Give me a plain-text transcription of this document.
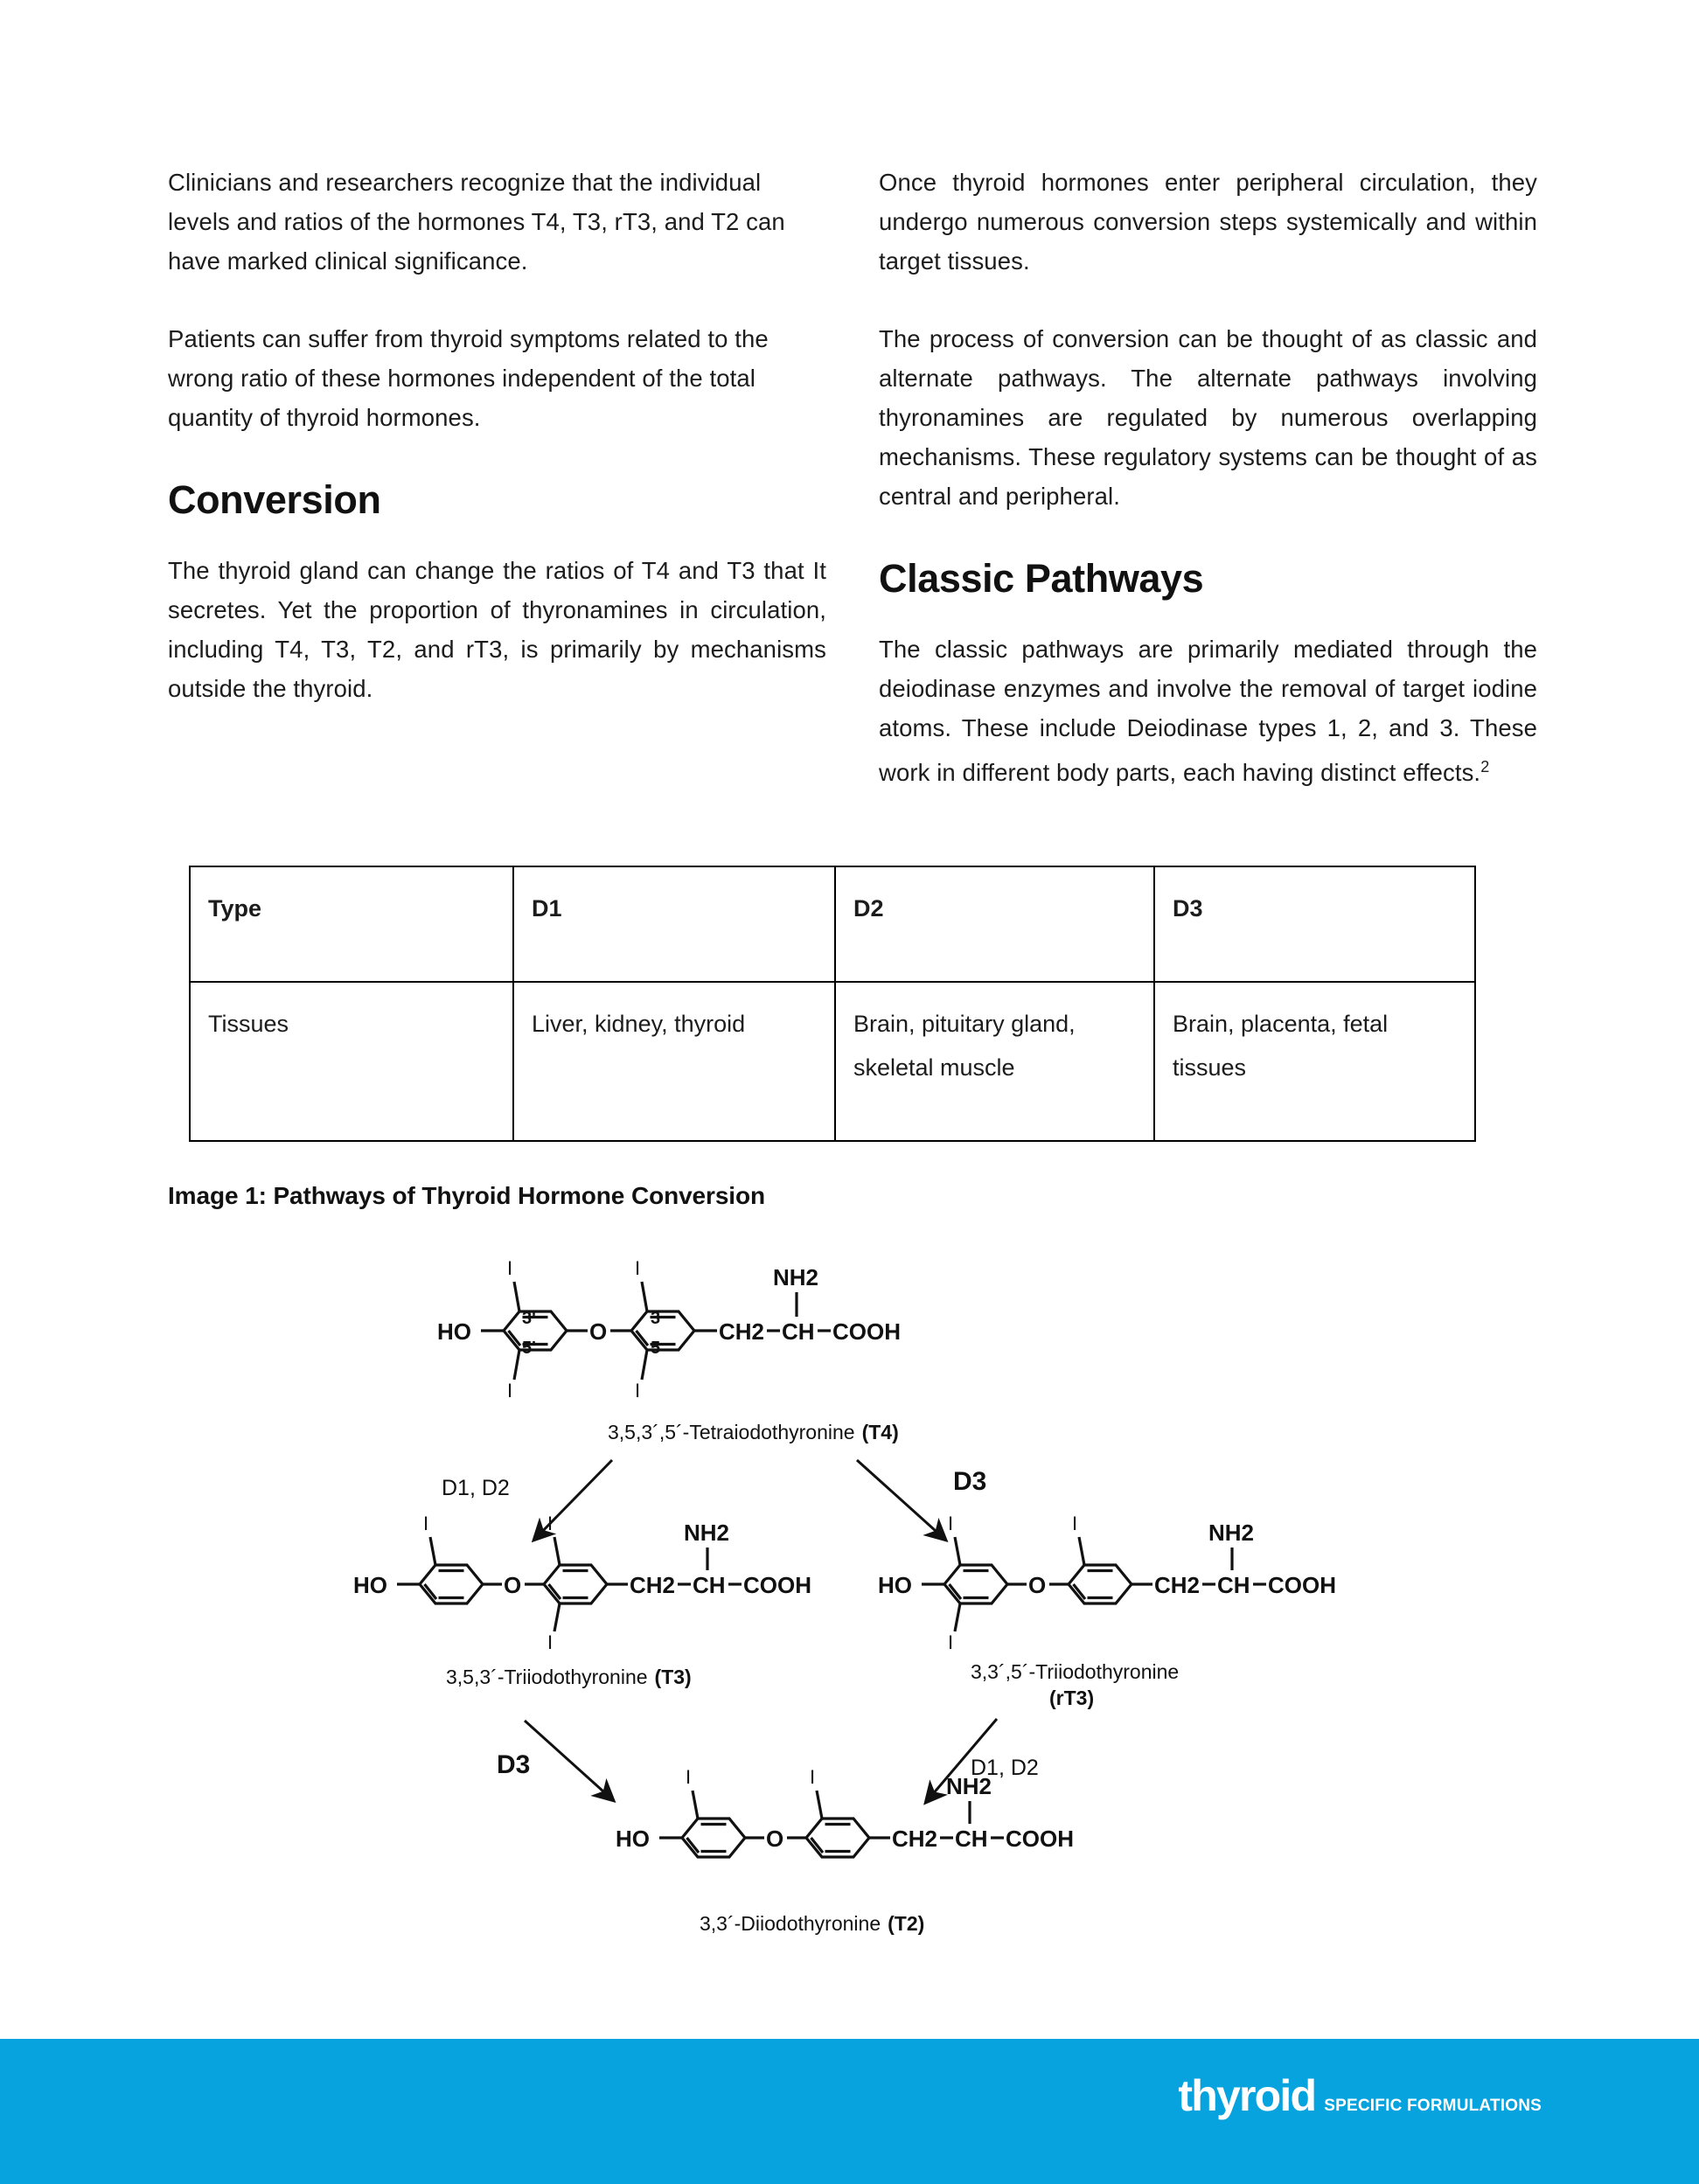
Clinicians and researchers recognize that the individual levels and ratios of the hormones T4, T3, rT3, and T2 can have marked clinical significance.

Patients can suffer from thyroid symptoms related to the wrong ratio of these hormones independent of the total quantity of thyroid hormones.

Conversion

The thyroid gland can change the ratios of T4 and T3 that It secretes. Yet the proportion of thyronamines in circulation, including T4, T3, T2, and rT3, is primarily by mechanisms outside the thyroid.

Once thyroid hormones enter peripheral circulation, they undergo numerous conversion steps systemically and within target tissues.

The process of conversion can be thought of as classic and alternate pathways. The alternate pathways involving thyronamines are regulated by numerous overlapping mechanisms. These regulatory systems can be thought of as central and peripheral.

Classic Pathways

The classic pathways are primarily mediated through the deiodinase enzymes and involve the removal of target iodine atoms. These include Deiodinase types 1, 2, and 3. These work in different body parts, each having distinct effects.$^2$

Type	D1	D2	D3
Tissues	Liver, kidney, thyroid	Brain, pituitary gland, skeletal muscle	Brain, placenta, fetal tissues
Image 1: Pathways of Thyroid Hormone Conversion
HO
I
I
3'
5'
O
I
I
3
5
CH2 CH
NH2
COOH
3,5,3´,5´-Tetraiodothyronine (T4)
D1, D2	D3
HO
I
O
I
I
CH2 CH
NH2
COOH
3,5,3´-Triiodothyronine (T3)
HO
I
I
O
I
CH2 CH
NH2
COOH
3,3´,5´-Triiodothyronine
(rT3)
D3	D1, D2
HO
I
O
I
CH2 CH
NH2
COOH
3,3´-Diiodothyronine (T2)
thyroid SPECIFIC FORMULATIONS
